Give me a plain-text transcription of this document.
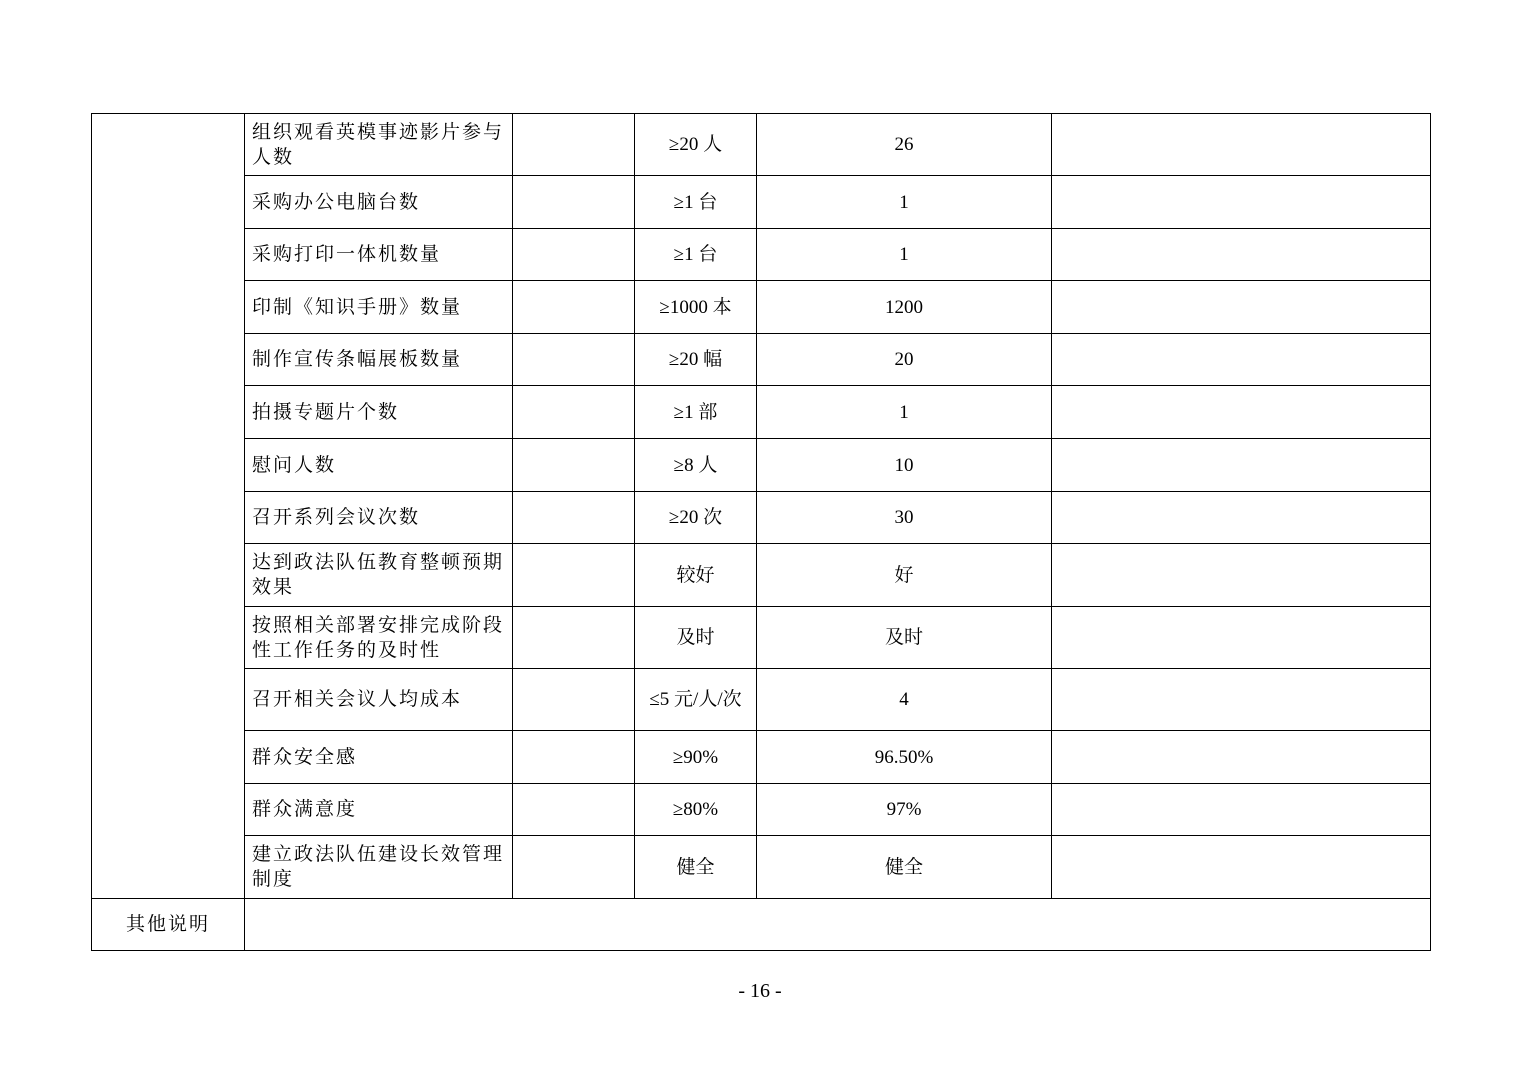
	组织观看英模事迹影片参与人数		≥20 人	26	
	采购办公电脑台数		≥1 台	1	
	采购打印一体机数量		≥1 台	1	
	印制《知识手册》数量		≥1000 本	1200	
	制作宣传条幅展板数量		≥20 幅	20	
	拍摄专题片个数		≥1 部	1	
	慰问人数		≥8 人	10	
	召开系列会议次数		≥20 次	30	
	达到政法队伍教育整顿预期效果		较好	好	
	按照相关部署安排完成阶段性工作任务的及时性		及时	及时	
	召开相关会议人均成本		≤5 元/人/次	4	
	群众安全感		≥90%	96.50%	
	群众满意度		≥80%	97%	
	建立政法队伍建设长效管理制度		健全	健全	
其他说明					
- 16 -
